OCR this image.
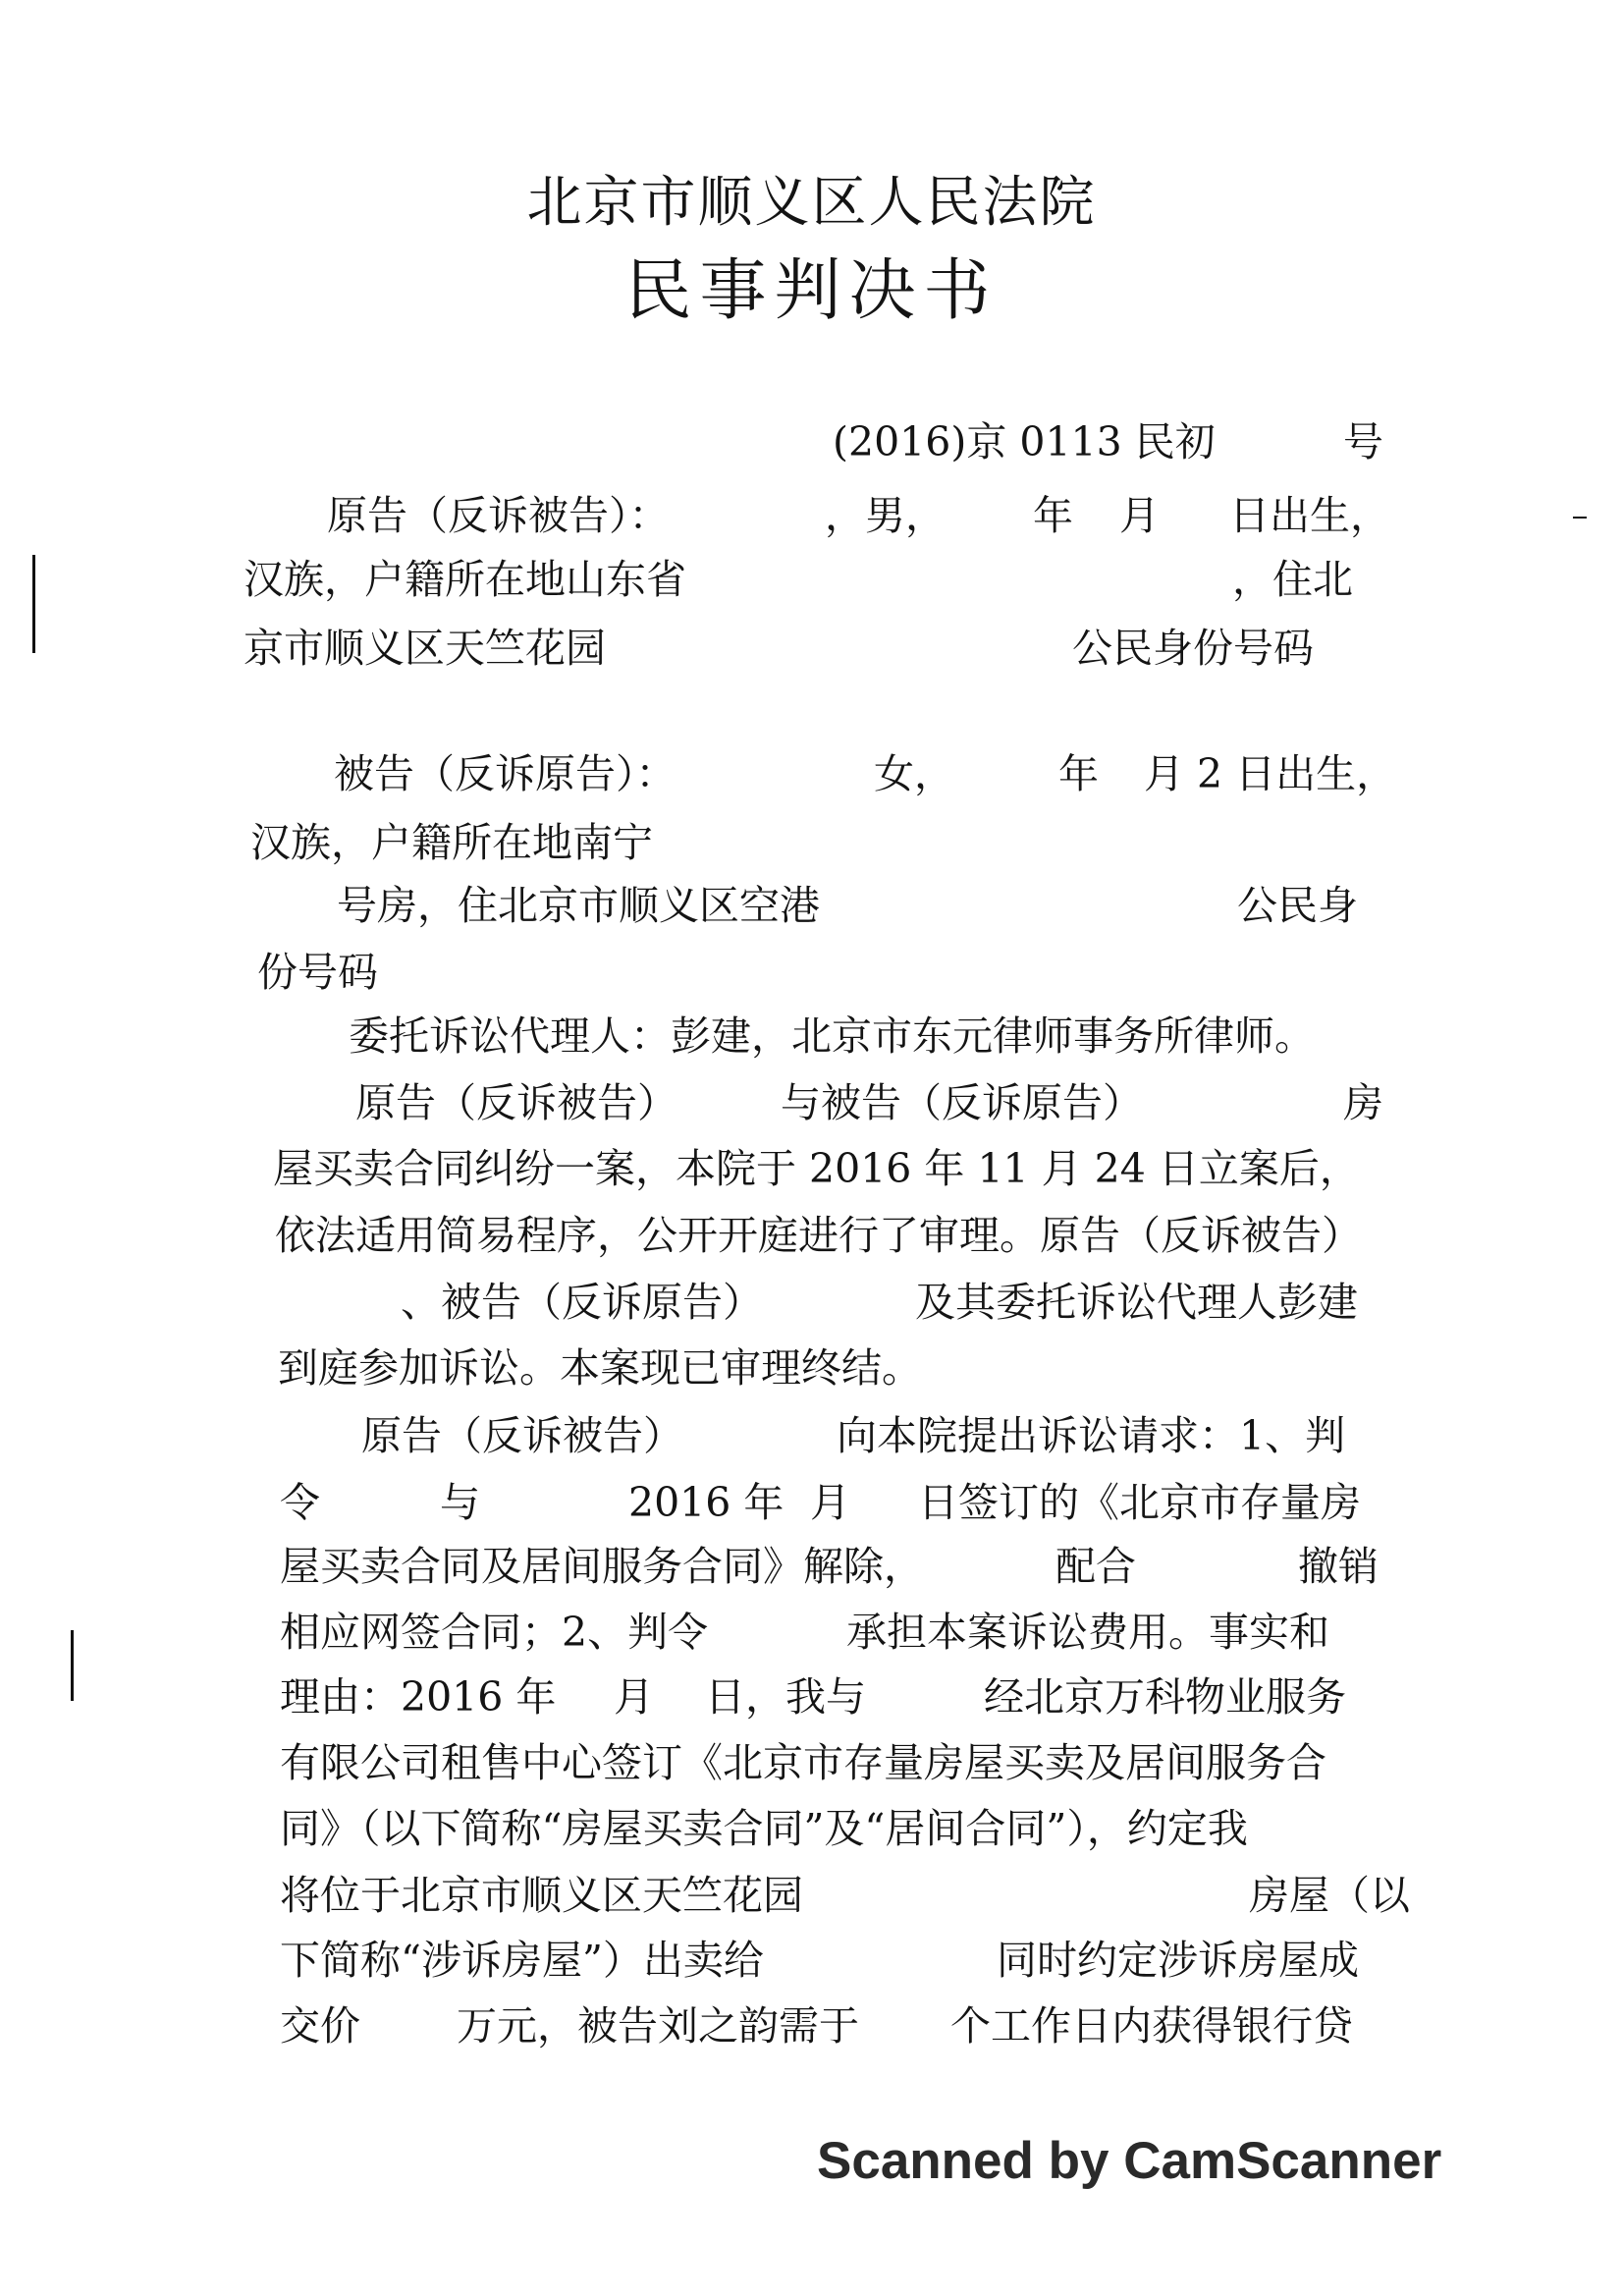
北京市顺义区人民法院
民事判决书
(2016)京 0113 民初	号
原告（反诉被告）：	，男， 年 月 日出生，
汉族，户籍所在地山东省	，住北
京市顺义区天竺花园	公民身份号码
被告（反诉原告）：	女，	年 月 2 日出生，
汉族，户籍所在地南宁
号房，住北京市顺义区空港	公民身
份号码
委托诉讼代理人：彭建，北京市东元律师事务所律师。
原告（反诉被告）	与被告（反诉原告）	房
屋买卖合同纠纷一案，本院于 2016 年 11 月 24 日立案后，
依法适用简易程序，公开开庭进行了审理。原告（反诉被告）
、被告（反诉原告）	及其委托诉讼代理人彭建
到庭参加诉讼。本案现已审理终结。
原告（反诉被告）	向本院提出诉讼请求：1、判
令	与	2016 年 月 日签订的《北京市存量房
屋买卖合同及居间服务合同》解除，	配合	撤销
相应网签合同；2、判令	承担本案诉讼费用。事实和
理由：2016 年 月 日，我与	经北京万科物业服务
有限公司租售中心签订《北京市存量房屋买卖及居间服务合
同》（以下简称“房屋买卖合同”及“居间合同”），约定我
将位于北京市顺义区天竺花园	房屋（以
下简称“涉诉房屋”）出卖给	同时约定涉诉房屋成
交价 万元，被告刘之韵需于 个工作日内获得银行贷
Scanned by CamScanner
